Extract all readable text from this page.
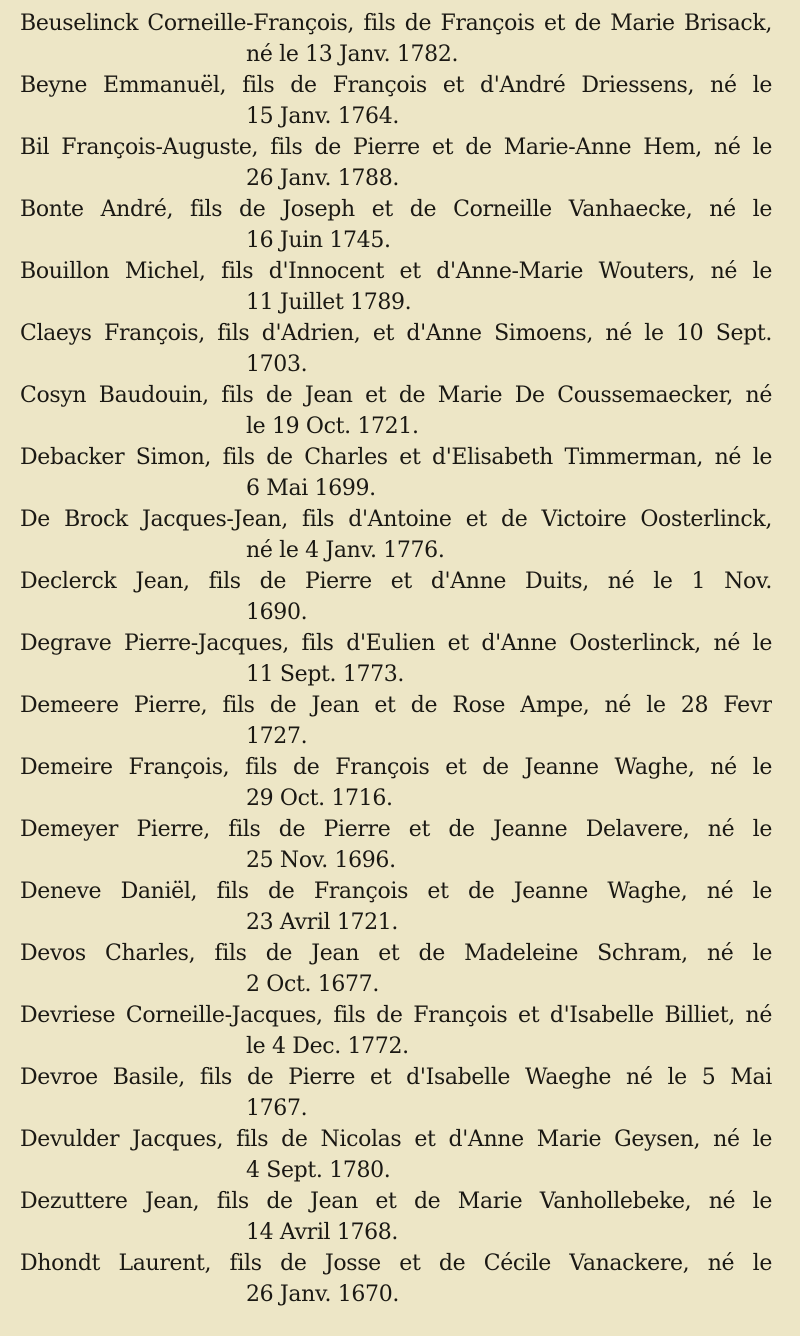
Beuselinck Corneille-François, fils de François et de Marie Brisack,
né le 13 Janv. 1782.
Beyne Emmanuël, fils de François et d'André Driessens, né le
15 Janv. 1764.
Bil François-Auguste, fils de Pierre et de Marie-Anne Hem, né le
26 Janv. 1788.
Bonte André, fils de Joseph et de Corneille Vanhaecke, né le
16 Juin 1745.
Bouillon Michel, fils d'Innocent et d'Anne-Marie Wouters, né le
11 Juillet 1789.
Claeys François, fils d'Adrien, et d'Anne Simoens, né le 10 Sept.
1703.
Cosyn Baudouin, fils de Jean et de Marie De Coussemaecker, né
le 19 Oct. 1721.
Debacker Simon, fils de Charles et d'Elisabeth Timmerman, né le
6 Mai 1699.
De Brock Jacques-Jean, fils d'Antoine et de Victoire Oosterlinck,
né le 4 Janv. 1776.
Declerck Jean, fils de Pierre et d'Anne Duits, né le 1 Nov.
1690.
Degrave Pierre-Jacques, fils d'Eulien et d'Anne Oosterlinck, né le
11 Sept. 1773.
Demeere Pierre, fils de Jean et de Rose Ampe, né le 28 Fevr
1727.
Demeire François, fils de François et de Jeanne Waghe, né le
29 Oct. 1716.
Demeyer Pierre, fils de Pierre et de Jeanne Delavere, né le
25 Nov. 1696.
Deneve Daniël, fils de François et de Jeanne Waghe, né le
23 Avril 1721.
Devos Charles, fils de Jean et de Madeleine Schram, né le
2 Oct. 1677.
Devriese Corneille-Jacques, fils de François et d'Isabelle Billiet, né
le 4 Dec. 1772.
Devroe Basile, fils de Pierre et d'Isabelle Waeghe né le 5 Mai
1767.
Devulder Jacques, fils de Nicolas et d'Anne Marie Geysen, né le
4 Sept. 1780.
Dezuttere Jean, fils de Jean et de Marie Vanhollebeke, né le
14 Avril 1768.
Dhondt Laurent, fils de Josse et de Cécile Vanackere, né le
26 Janv. 1670.
